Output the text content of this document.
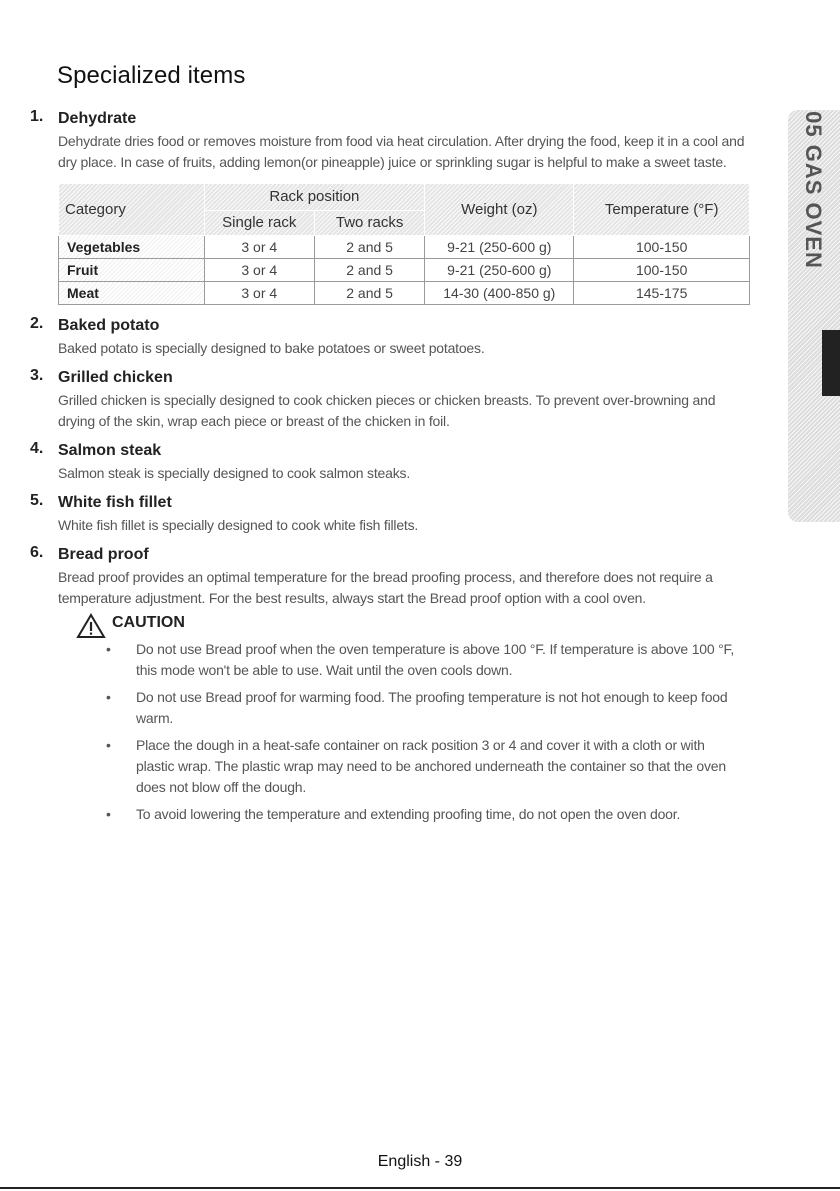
Specialized items
1. Dehydrate
Dehydrate dries food or removes moisture from food via heat circulation. After drying the food, keep it in a cool and dry place. In case of fruits, adding lemon(or pineapple) juice or sprinkling sugar is helpful to make a sweet taste.
Category	Rack position		Weight (oz)	Temperature (°F)
	Single rack	Two racks		
Vegetables	3 or 4	2 and 5	9-21 (250-600 g)	100-150
Fruit	3 or 4	2 and 5	9-21 (250-600 g)	100-150
Meat	3 or 4	2 and 5	14-30 (400-850 g)	145-175
2. Baked potato
Baked potato is specially designed to bake potatoes or sweet potatoes.
3. Grilled chicken
Grilled chicken is specially designed to cook chicken pieces or chicken breasts. To prevent over-browning and drying of the skin, wrap each piece or breast of the chicken in foil.
4. Salmon steak
Salmon steak is specially designed to cook salmon steaks.
5. White fish fillet
White fish fillet is specially designed to cook white fish fillets.
6. Bread proof
Bread proof provides an optimal temperature for the bread proofing process, and therefore does not require a temperature adjustment. For the best results, always start the Bread proof option with a cool oven.
CAUTION
• Do not use Bread proof when the oven temperature is above 100 °F. If temperature is above 100 °F, this mode won't be able to use. Wait until the oven cools down.
• Do not use Bread proof for warming food. The proofing temperature is not hot enough to keep food warm.
• Place the dough in a heat-safe container on rack position 3 or 4 and cover it with a cloth or with plastic wrap. The plastic wrap may need to be anchored underneath the container so that the oven does not blow off the dough.
• To avoid lowering the temperature and extending proofing time, do not open the oven door.
05 GAS OVEN
English - 39
